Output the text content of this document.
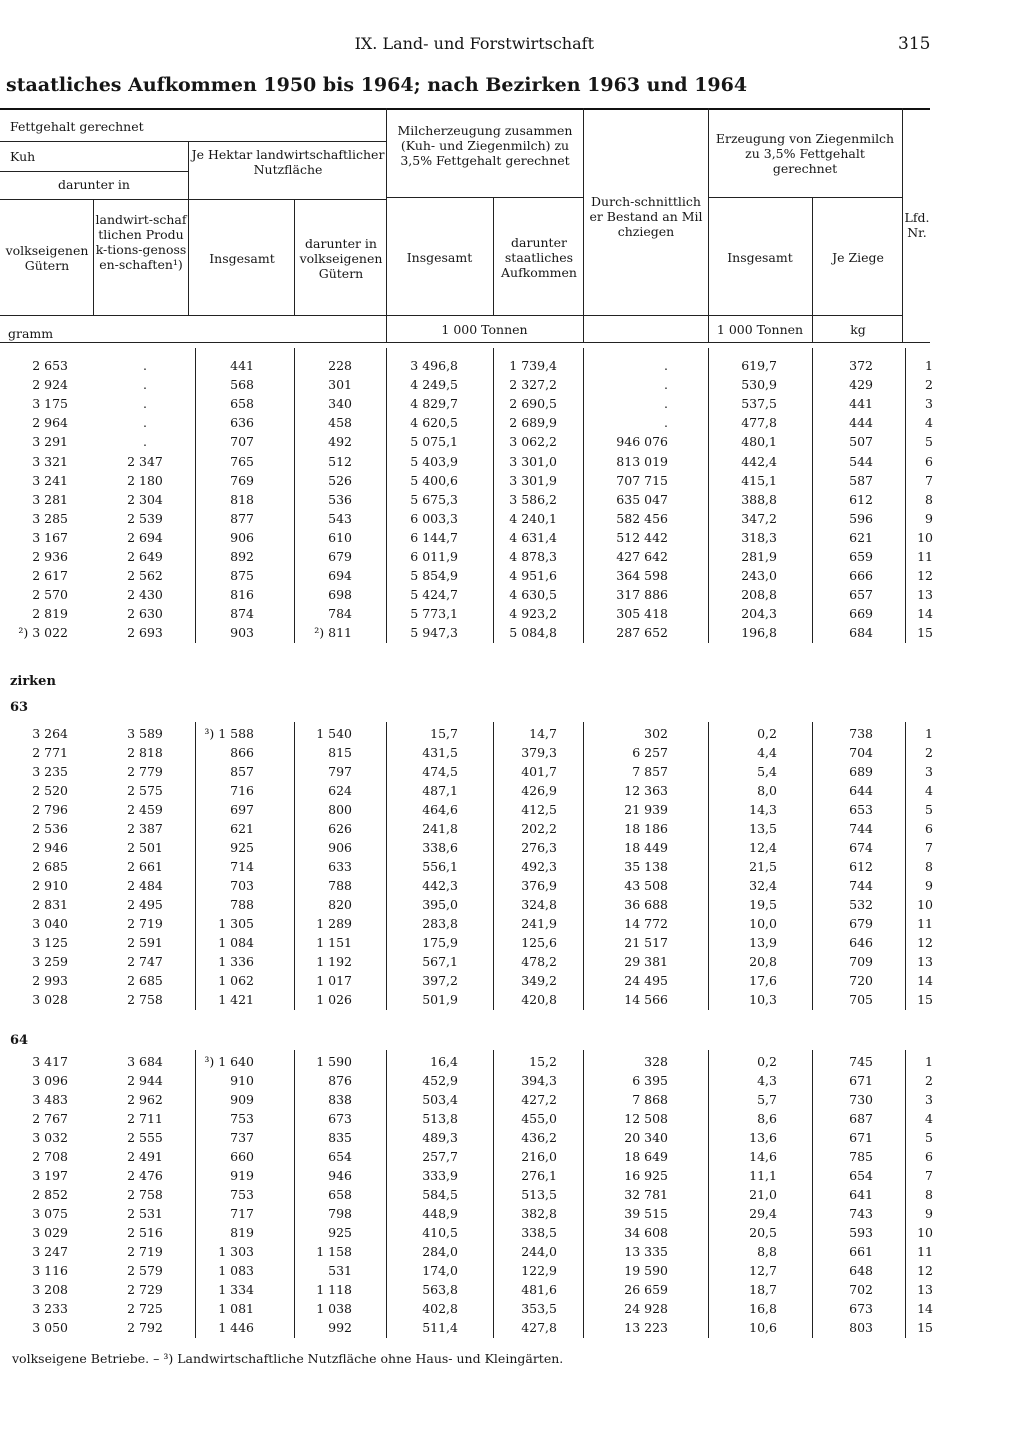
IX. Land- und Forstwirtschaft	315
staatliches Aufkommen 1950 bis 1964; nach Bezirken 1963 und 1964
Fettgehalt gerechnet
Kuh
darunter in
volkseigenen Gütern
landwirt-schaftlichen Produk-tions-genossen-schaften¹)
Je Hektar landwirtschaftlicher Nutzfläche
Insgesamt
darunter in volkseigenen Gütern
Milcherzeugung zusammen (Kuh- und Ziegenmilch) zu 3,5% Fettgehalt gerechnet
Insgesamt
darunter staatliches Aufkommen
Durch-schnittlicher Bestand an Milchziegen
Erzeugung von Ziegenmilch zu 3,5% Fettgehalt gerechnet
Insgesamt	Je Ziege
Lfd. Nr.
gramm	1 000 Tonnen	1 000 Tonnen	kg
zirken
63
64
2 653	.	441	228	3 496,8	1 739,4	.	619,7	372	1
2 924	.	568	301	4 249,5	2 327,2	.	530,9	429	2
3 175	.	658	340	4 829,7	2 690,5	.	537,5	441	3
2 964	.	636	458	4 620,5	2 689,9	.	477,8	444	4
3 291	.	707	492	5 075,1	3 062,2	946 076	480,1	507	5
3 321	2 347	765	512	5 403,9	3 301,0	813 019	442,4	544	6
3 241	2 180	769	526	5 400,6	3 301,9	707 715	415,1	587	7
3 281	2 304	818	536	5 675,3	3 586,2	635 047	388,8	612	8
3 285	2 539	877	543	6 003,3	4 240,1	582 456	347,2	596	9
3 167	2 694	906	610	6 144,7	4 631,4	512 442	318,3	621	10
2 936	2 649	892	679	6 011,9	4 878,3	427 642	281,9	659	11
2 617	2 562	875	694	5 854,9	4 951,6	364 598	243,0	666	12
2 570	2 430	816	698	5 424,7	4 630,5	317 886	208,8	657	13
2 819	2 630	874	784	5 773,1	4 923,2	305 418	204,3	669	14
²) 3 022	2 693	903	²) 811	5 947,3	5 084,8	287 652	196,8	684	15
3 264	3 589	³) 1 588	1 540	15,7	14,7	302	0,2	738	1
2 771	2 818	866	815	431,5	379,3	6 257	4,4	704	2
3 235	2 779	857	797	474,5	401,7	7 857	5,4	689	3
2 520	2 575	716	624	487,1	426,9	12 363	8,0	644	4
2 796	2 459	697	800	464,6	412,5	21 939	14,3	653	5
2 536	2 387	621	626	241,8	202,2	18 186	13,5	744	6
2 946	2 501	925	906	338,6	276,3	18 449	12,4	674	7
2 685	2 661	714	633	556,1	492,3	35 138	21,5	612	8
2 910	2 484	703	788	442,3	376,9	43 508	32,4	744	9
2 831	2 495	788	820	395,0	324,8	36 688	19,5	532	10
3 040	2 719	1 305	1 289	283,8	241,9	14 772	10,0	679	11
3 125	2 591	1 084	1 151	175,9	125,6	21 517	13,9	646	12
3 259	2 747	1 336	1 192	567,1	478,2	29 381	20,8	709	13
2 993	2 685	1 062	1 017	397,2	349,2	24 495	17,6	720	14
3 028	2 758	1 421	1 026	501,9	420,8	14 566	10,3	705	15
3 417	3 684	³) 1 640	1 590	16,4	15,2	328	0,2	745	1
3 096	2 944	910	876	452,9	394,3	6 395	4,3	671	2
3 483	2 962	909	838	503,4	427,2	7 868	5,7	730	3
2 767	2 711	753	673	513,8	455,0	12 508	8,6	687	4
3 032	2 555	737	835	489,3	436,2	20 340	13,6	671	5
2 708	2 491	660	654	257,7	216,0	18 649	14,6	785	6
3 197	2 476	919	946	333,9	276,1	16 925	11,1	654	7
2 852	2 758	753	658	584,5	513,5	32 781	21,0	641	8
3 075	2 531	717	798	448,9	382,8	39 515	29,4	743	9
3 029	2 516	819	925	410,5	338,5	34 608	20,5	593	10
3 247	2 719	1 303	1 158	284,0	244,0	13 335	8,8	661	11
3 116	2 579	1 083	531	174,0	122,9	19 590	12,7	648	12
3 208	2 729	1 334	1 118	563,8	481,6	26 659	18,7	702	13
3 233	2 725	1 081	1 038	402,8	353,5	24 928	16,8	673	14
3 050	2 792	1 446	992	511,4	427,8	13 223	10,6	803	15
volkseigene Betriebe. – ³) Landwirtschaftliche Nutzfläche ohne Haus- und Kleingärten.
